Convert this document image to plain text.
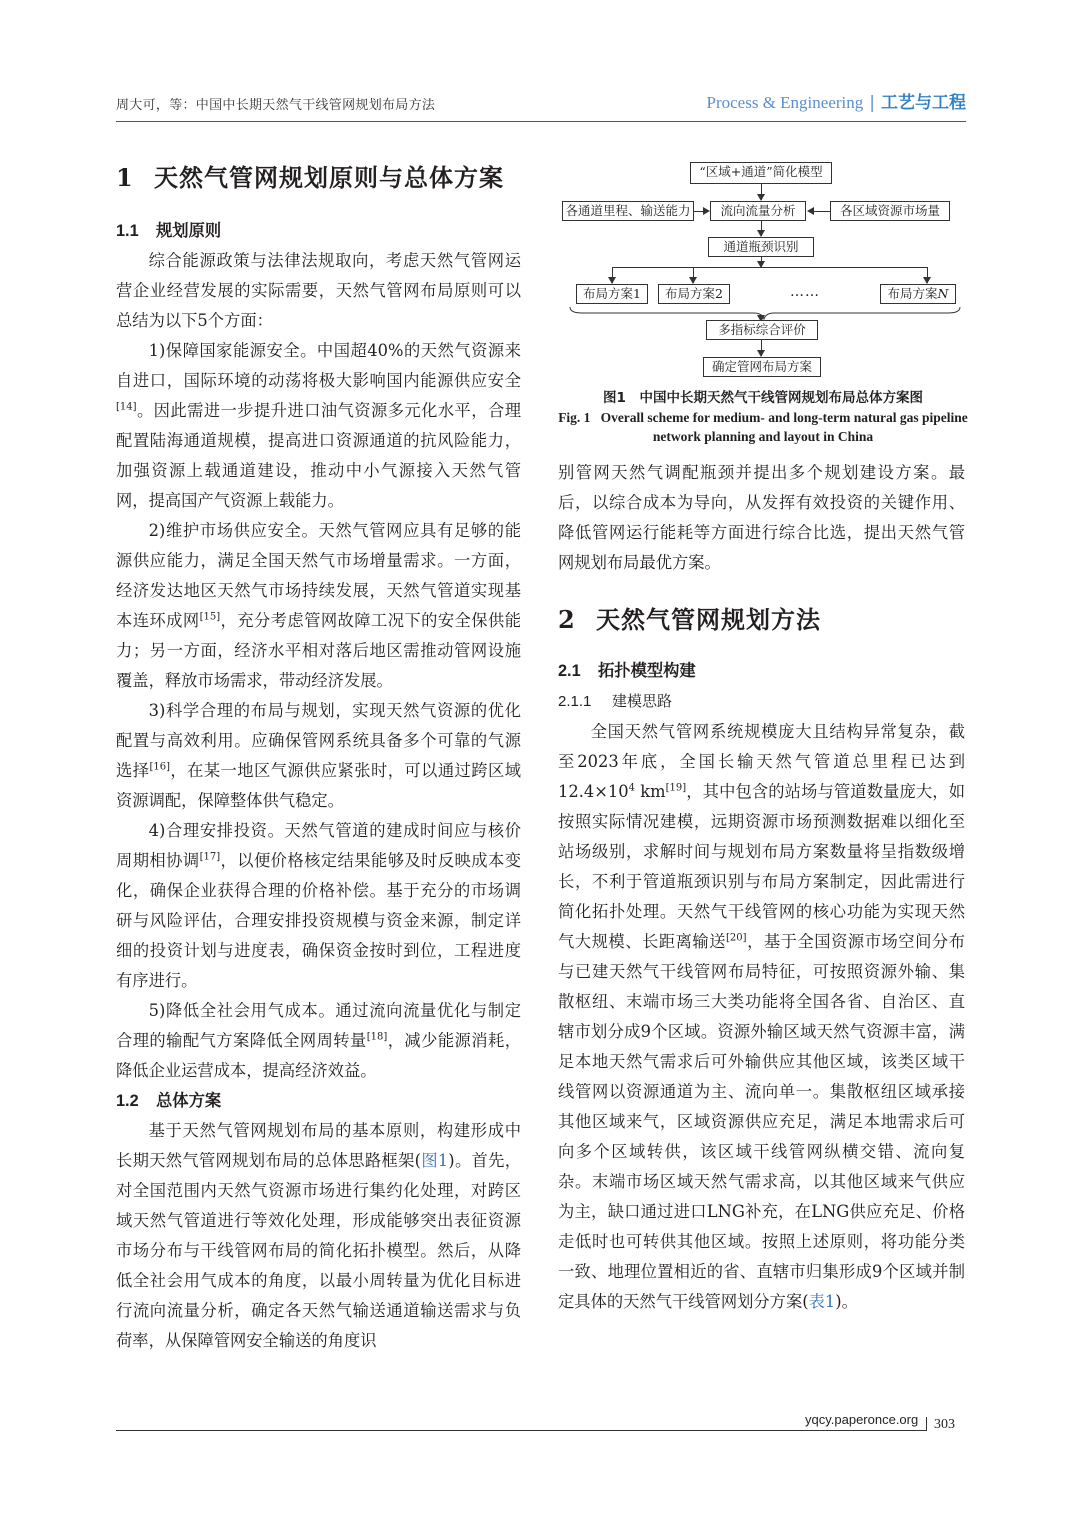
周大可，等：中国中长期天然气干线管网规划布局方法	Process & Engineering | 工艺与工程
1 天然气管网规划原则与总体方案
1.1 规划原则

综合能源政策与法律法规取向，考虑天然气管网运营企业经营发展的实际需要，天然气管网布局原则可以总结为以下5个方面：

1)保障国家能源安全。中国超40%的天然气资源来自进口，国际环境的动荡将极大影响国内能源供应安全[14]。因此需进一步提升进口油气资源多元化水平，合理配置陆海通道规模，提高进口资源通道的抗风险能力，加强资源上载通道建设，推动中小气源接入天然气管网，提高国产气资源上载能力。

2)维护市场供应安全。天然气管网应具有足够的能源供应能力，满足全国天然气市场增量需求。一方面，经济发达地区天然气市场持续发展，天然气管道实现基本连环成网[15]，充分考虑管网故障工况下的安全保供能力；另一方面，经济水平相对落后地区需推动管网设施覆盖，释放市场需求，带动经济发展。

3)科学合理的布局与规划，实现天然气资源的优化配置与高效利用。应确保管网系统具备多个可靠的气源选择[16]，在某一地区气源供应紧张时，可以通过跨区域资源调配，保障整体供气稳定。

4)合理安排投资。天然气管道的建成时间应与核价周期相协调[17]，以便价格核定结果能够及时反映成本变化，确保企业获得合理的价格补偿。基于充分的市场调研与风险评估，合理安排投资规模与资金来源，制定详细的投资计划与进度表，确保资金按时到位，工程进度有序进行。

5)降低全社会用气成本。通过流向流量优化与制定合理的输配气方案降低全网周转量[18]，减少能源消耗，降低企业运营成本，提高经济效益。

1.2 总体方案

基于天然气管网规划布局的基本原则，构建形成中长期天然气管网规划布局的总体思路框架(图1)。首先，对全国范围内天然气资源市场进行集约化处理，对跨区域天然气管道进行等效化处理，形成能够突出表征资源市场分布与干线管网布局的简化拓扑模型。然后，从降低全社会用气成本的角度，以最小周转量为优化目标进行流向流量分析，确定各天然气输送通道输送需求与负荷率，从保障管网安全输送的角度识

“区域+通道”简化模型
各通道里程、输送能力	流向流量分析	各区域资源市场量
通道瓶颈识别
布局方案1	布局方案2	……	布局方案N
多指标综合评价
确定管网布局方案
图1　中国中长期天然气干线管网规划布局总体方案图
Fig. 1 Overall scheme for medium- and long-term natural gas pipeline network planning and layout in China

别管网天然气调配瓶颈并提出多个规划建设方案。最后，以综合成本为导向，从发挥有效投资的关键作用、降低管网运行能耗等方面进行综合比选，提出天然气管网规划布局最优方案。

2 天然气管网规划方法
2.1 拓扑模型构建
2.1.1 建模思路

全国天然气管网系统规模庞大且结构异常复杂，截至2023年底，全国长输天然气管道总里程已达到12.4×10$^4$ km[19]，其中包含的站场与管道数量庞大，如按照实际情况建模，远期资源市场预测数据难以细化至站场级别，求解时间与规划布局方案数量将呈指数级增长，不利于管道瓶颈识别与布局方案制定，因此需进行简化拓扑处理。天然气干线管网的核心功能为实现天然气大规模、长距离输送[20]，基于全国资源市场空间分布与已建天然气干线管网布局特征，可按照资源外输、集散枢纽、末端市场三大类功能将全国各省、自治区、直辖市划分成9个区域。资源外输区域天然气资源丰富，满足本地天然气需求后可外输供应其他区域，该类区域干线管网以资源通道为主、流向单一。集散枢纽区域承接其他区域来气，区域资源供应充足，满足本地需求后可向多个区域转供，该区域干线管网纵横交错、流向复杂。末端市场区域天然气需求高，以其他区域来气供应为主，缺口通过进口LNG补充，在LNG供应充足、价格走低时也可转供其他区域。按照上述原则，将功能分类一致、地理位置相近的省、直辖市归集形成9个区域并制定具体的天然气干线管网划分方案(表1)。

yqcy.paperonce.org 303
